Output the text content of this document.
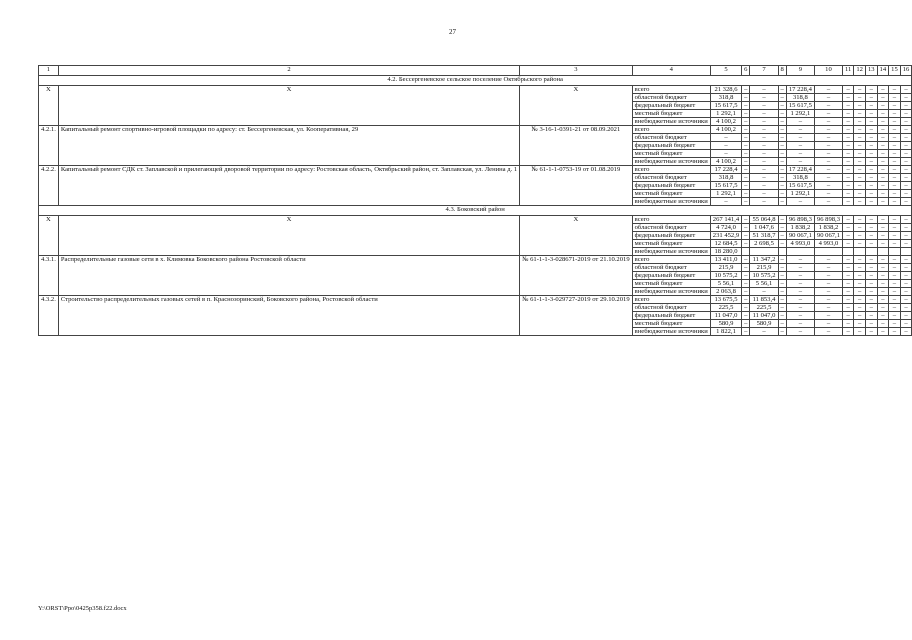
27
1	2	3	4	5	6	7	8	9	10	11	12	13	14	15	16
4.2. Бессергеневское сельское поселение Октябрьского района															
Х	Х	Х	всего	21 328,6	–	–	–	17 228,4	–	–	–	–	–	–	–
			областной бюджет	318,8	–	–	–	318,8	–	–	–	–	–	–	–
			федеральный бюджет	15 617,5	–	–	–	15 617,5	–	–	–	–	–	–	–
			местный бюджет	1 292,1	–	–	–	1 292,1	–	–	–	–	–	–	–
			внебюджетные источники	4 100,2	–	–	–	–	–	–	–	–	–	–	–
4.2.1.	Капитальный ремонт спортивно-игровой площадки по адресу: ст. Бессергеневская, ул. Кооперативная, 29	№ 3-16-1-0391-21 от 08.09.2021	всего	4 100,2	–	–	–	–	–	–	–	–	–	–	–
			областной бюджет	–	–	–	–	–	–	–	–	–	–	–	–
			федеральный бюджет	–	–	–	–	–	–	–	–	–	–	–	–
			местный бюджет	–	–	–	–	–	–	–	–	–	–	–	–
			внебюджетные источники	4 100,2	–	–	–	–	–	–	–	–	–	–	–
4.2.2.	Капитальный ремонт СДК ст. Заплавской и прилегающей дворовой территории по адресу: Ростовская область, Октябрьский район, ст. Заплавская, ул. Ленина д. 1	№ 61-1-1-0753-19 от 01.08.2019	всего	17 228,4	–	–	–	17 228,4	–	–	–	–	–	–	–
			областной бюджет	318,8	–	–	–	318,8	–	–	–	–	–	–	–
			федеральный бюджет	15 617,5	–	–	–	15 617,5	–	–	–	–	–	–	–
			местный бюджет	1 292,1	–	–	–	1 292,1	–	–	–	–	–	–	–
			внебюджетные источники	–	–	–	–	–	–	–	–	–	–	–	–
4.3. Боковский район															
Х	Х	Х	всего	267 141,4	–	55 064,8	–	96 898,3	96 898,3	–	–	–	–	–	–
			областной бюджет	4 724,0	–	1 047,6	–	1 838,2	1 838,2	–	–	–	–	–	–
			федеральный бюджет	231 452,9	–	51 318,7	–	90 067,1	90 067,1	–	–	–	–	–	–
			местный бюджет	12 684,5	–	2 698,5	–	4 993,0	4 993,0	–	–	–	–	–	–
			внебюджетные источники	18 280,0											
4.3.1.	Распределительные газовые сети в х. Климовка Боковского района Ростовской области	№ 61-1-1-3-028671-2019 от 21.10.2019	всего	13 411,0	–	11 347,2	–	–	–	–	–	–	–	–	–
			областной бюджет	215,9	–	215,9	–	–	–	–	–	–	–	–	–
			федеральный бюджет	10 575,2	–	10 575,2	–	–	–	–	–	–	–	–	–
			местный бюджет	5 56,1	–	5 56,1	–	–	–	–	–	–	–	–	–
			внебюджетные источники	2 063,8	–	–	–	–	–	–	–	–	–	–	–
4.3.2.	Строительство распределительных газовых сетей в п. Краснозоринский, Боковского района, Ростовской области	№ 61-1-1-3-029727-2019 от 29.10.2019	всего	13 675,5	–	11 853,4	–	–	–	–	–	–	–	–	–
			областной бюджет	225,5	–	225,5	–	–	–	–	–	–	–	–	–
			федеральный бюджет	11 047,0	–	11 047,0	–	–	–	–	–	–	–	–	–
			местный бюджет	580,9	–	580,9	–	–	–	–	–	–	–	–	–
			внебюджетные источники	1 822,1	–	–	–	–	–	–	–	–	–	–	–
Y:\ORST\Ppo\0425p358.f22.docx
